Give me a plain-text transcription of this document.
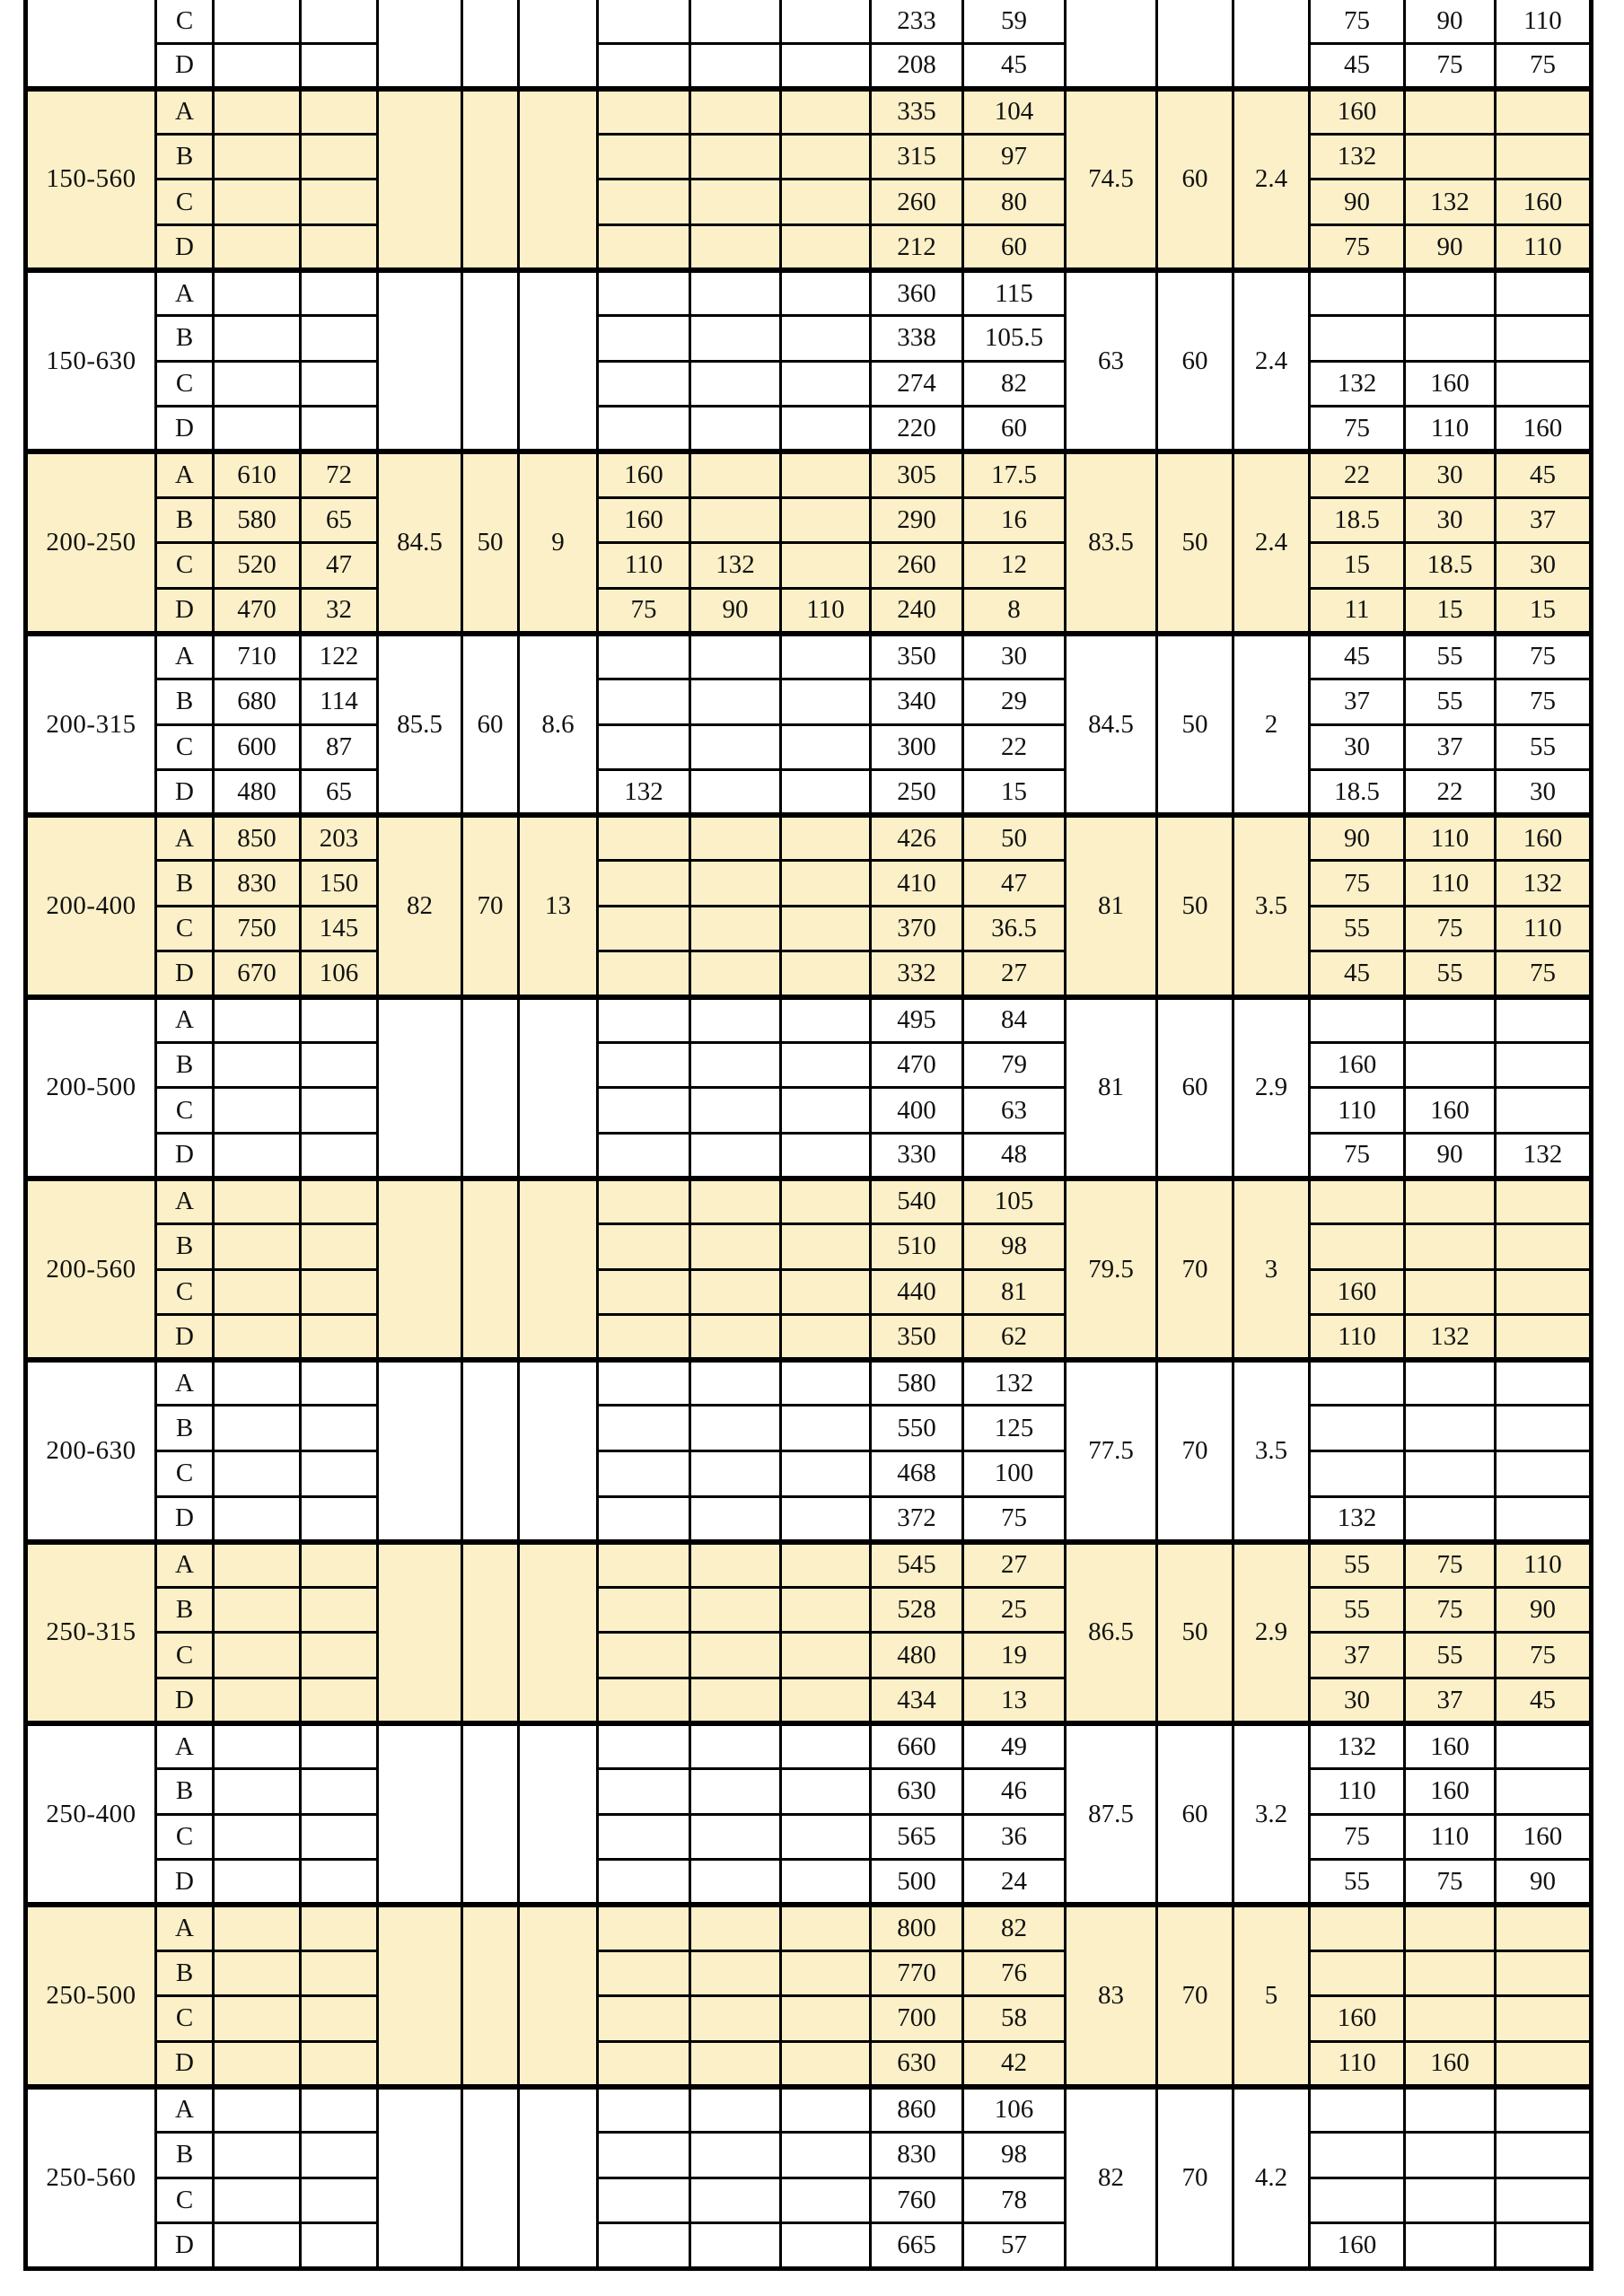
	C									233	59				75	90	110
	D									208	45				45	75	75
150-560	A									335	104	74.5	60	2.4	160		
	B									315	97				132		
	C									260	80				90	132	160
	D									212	60				75	90	110
150-630	A									360	115	63	60	2.4			
	B									338	105.5						
	C									274	82				132	160	
	D									220	60				75	110	160
200-250	A	610	72	84.5	50	9	160			305	17.5	83.5	50	2.4	22	30	45
	B	580	65				160			290	16				18.5	30	37
	C	520	47				110	132		260	12				15	18.5	30
	D	470	32				75	90	110	240	8				11	15	15
200-315	A	710	122	85.5	60	8.6				350	30	84.5	50	2	45	55	75
	B	680	114							340	29				37	55	75
	C	600	87							300	22				30	37	55
	D	480	65				132			250	15				18.5	22	30
200-400	A	850	203	82	70	13				426	50	81	50	3.5	90	110	160
	B	830	150							410	47				75	110	132
	C	750	145							370	36.5				55	75	110
	D	670	106							332	27				45	55	75
200-500	A									495	84	81	60	2.9			
	B									470	79				160		
	C									400	63				110	160	
	D									330	48				75	90	132
200-560	A									540	105	79.5	70	3			
	B									510	98						
	C									440	81				160		
	D									350	62				110	132	
200-630	A									580	132	77.5	70	3.5			
	B									550	125						
	C									468	100						
	D									372	75				132		
250-315	A									545	27	86.5	50	2.9	55	75	110
	B									528	25				55	75	90
	C									480	19				37	55	75
	D									434	13				30	37	45
250-400	A									660	49	87.5	60	3.2	132	160	
	B									630	46				110	160	
	C									565	36				75	110	160
	D									500	24				55	75	90
250-500	A									800	82	83	70	5			
	B									770	76						
	C									700	58				160		
	D									630	42				110	160	
250-560	A									860	106	82	70	4.2			
	B									830	98						
	C									760	78						
	D									665	57				160		
